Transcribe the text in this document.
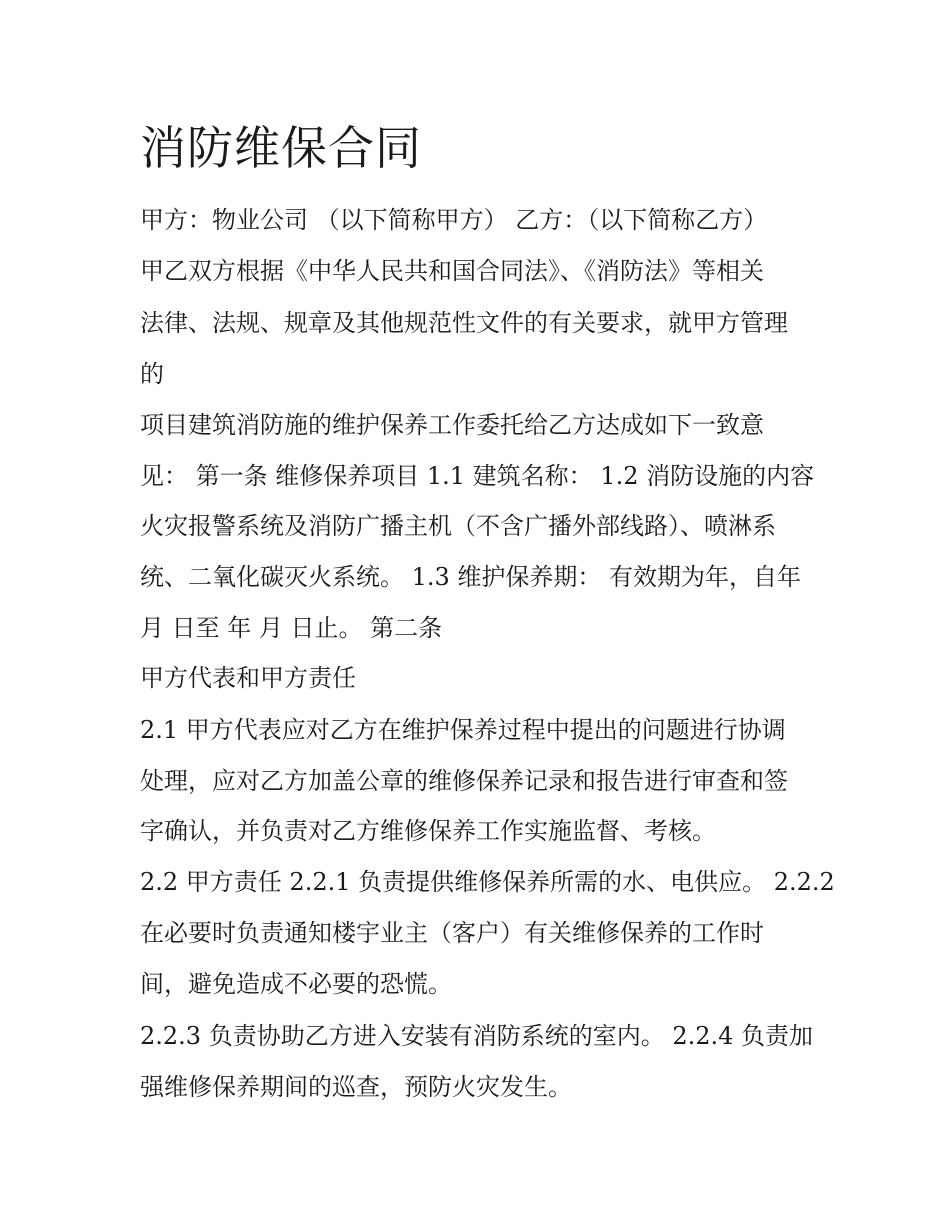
消防维保合同

甲方：物业公司 （以下简称甲方） 乙方：（以下简称乙方）

甲乙双方根据《中华人民共和国合同法》、《消防法》等相关

法律、法规、规章及其他规范性文件的有关要求，就甲方管理

的

项目建筑消防施的维护保养工作委托给乙方达成如下一致意

见： 第一条 维修保养项目 1.1 建筑名称： 1.2 消防设施的内容

火灾报警系统及消防广播主机（不含广播外部线路）、喷淋系

统、二氧化碳灭火系统。 1.3 维护保养期： 有效期为年，自年

月 日至 年 月 日止。 第二条

甲方代表和甲方责任

2.1 甲方代表应对乙方在维护保养过程中提出的问题进行协调

处理，应对乙方加盖公章的维修保养记录和报告进行审查和签

字确认，并负责对乙方维修保养工作实施监督、考核。

2.2 甲方责任 2.2.1 负责提供维修保养所需的水、电供应。 2.2.2

在必要时负责通知楼宇业主（客户）有关维修保养的工作时

间，避免造成不必要的恐慌。

2.2.3 负责协助乙方进入安装有消防系统的室内。 2.2.4 负责加

强维修保养期间的巡查，预防火灾发生。
